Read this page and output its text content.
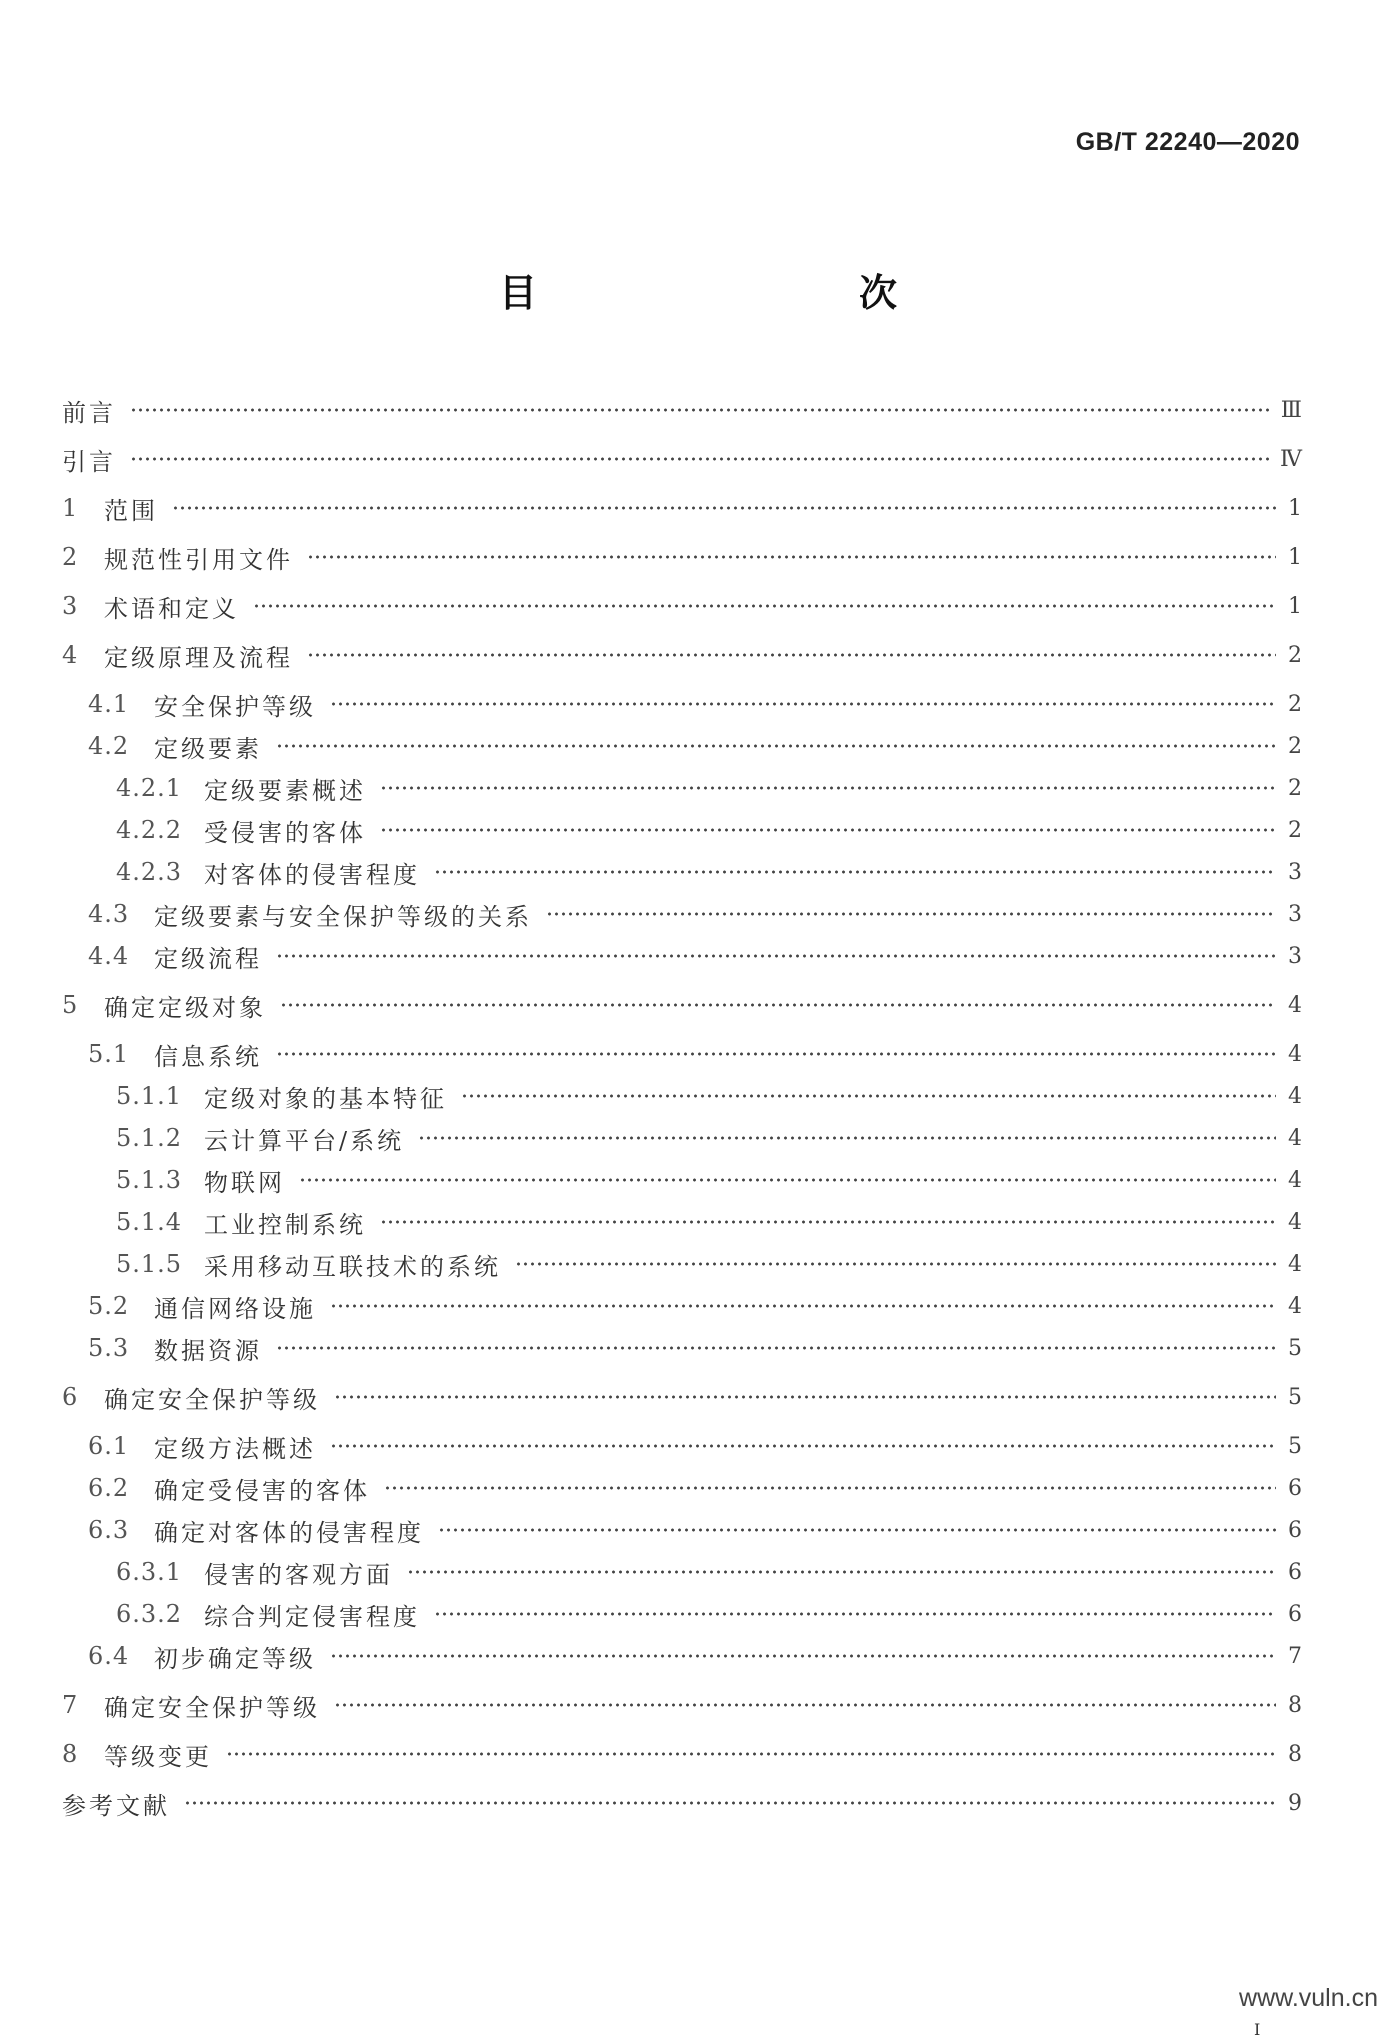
GB/T 22240—2020
目　　次
前言	Ⅲ
引言	Ⅳ
1	范围	1
2	规范性引用文件	1
3	术语和定义	1
4	定级原理及流程	2
4.1	安全保护等级	2
4.2	定级要素	2
4.2.1 定级要素概述	2
4.2.2 受侵害的客体	2
4.2.3 对客体的侵害程度	3
4.3	定级要素与安全保护等级的关系	3
4.4	定级流程	3
5	确定定级对象	4
5.1	信息系统	4
5.1.1 定级对象的基本特征	4
5.1.2 云计算平台/系统	4
5.1.3 物联网	4
5.1.4 工业控制系统	4
5.1.5 采用移动互联技术的系统	4
5.2	通信网络设施	4
5.3	数据资源	5
6	确定安全保护等级	5
6.1	定级方法概述	5
6.2	确定受侵害的客体	6
6.3	确定对客体的侵害程度	6
6.3.1 侵害的客观方面	6
6.3.2 综合判定侵害程度	6
6.4	初步确定等级	7
7	确定安全保护等级	8
8	等级变更	8
参考文献	9
www.vuln.cn
I
